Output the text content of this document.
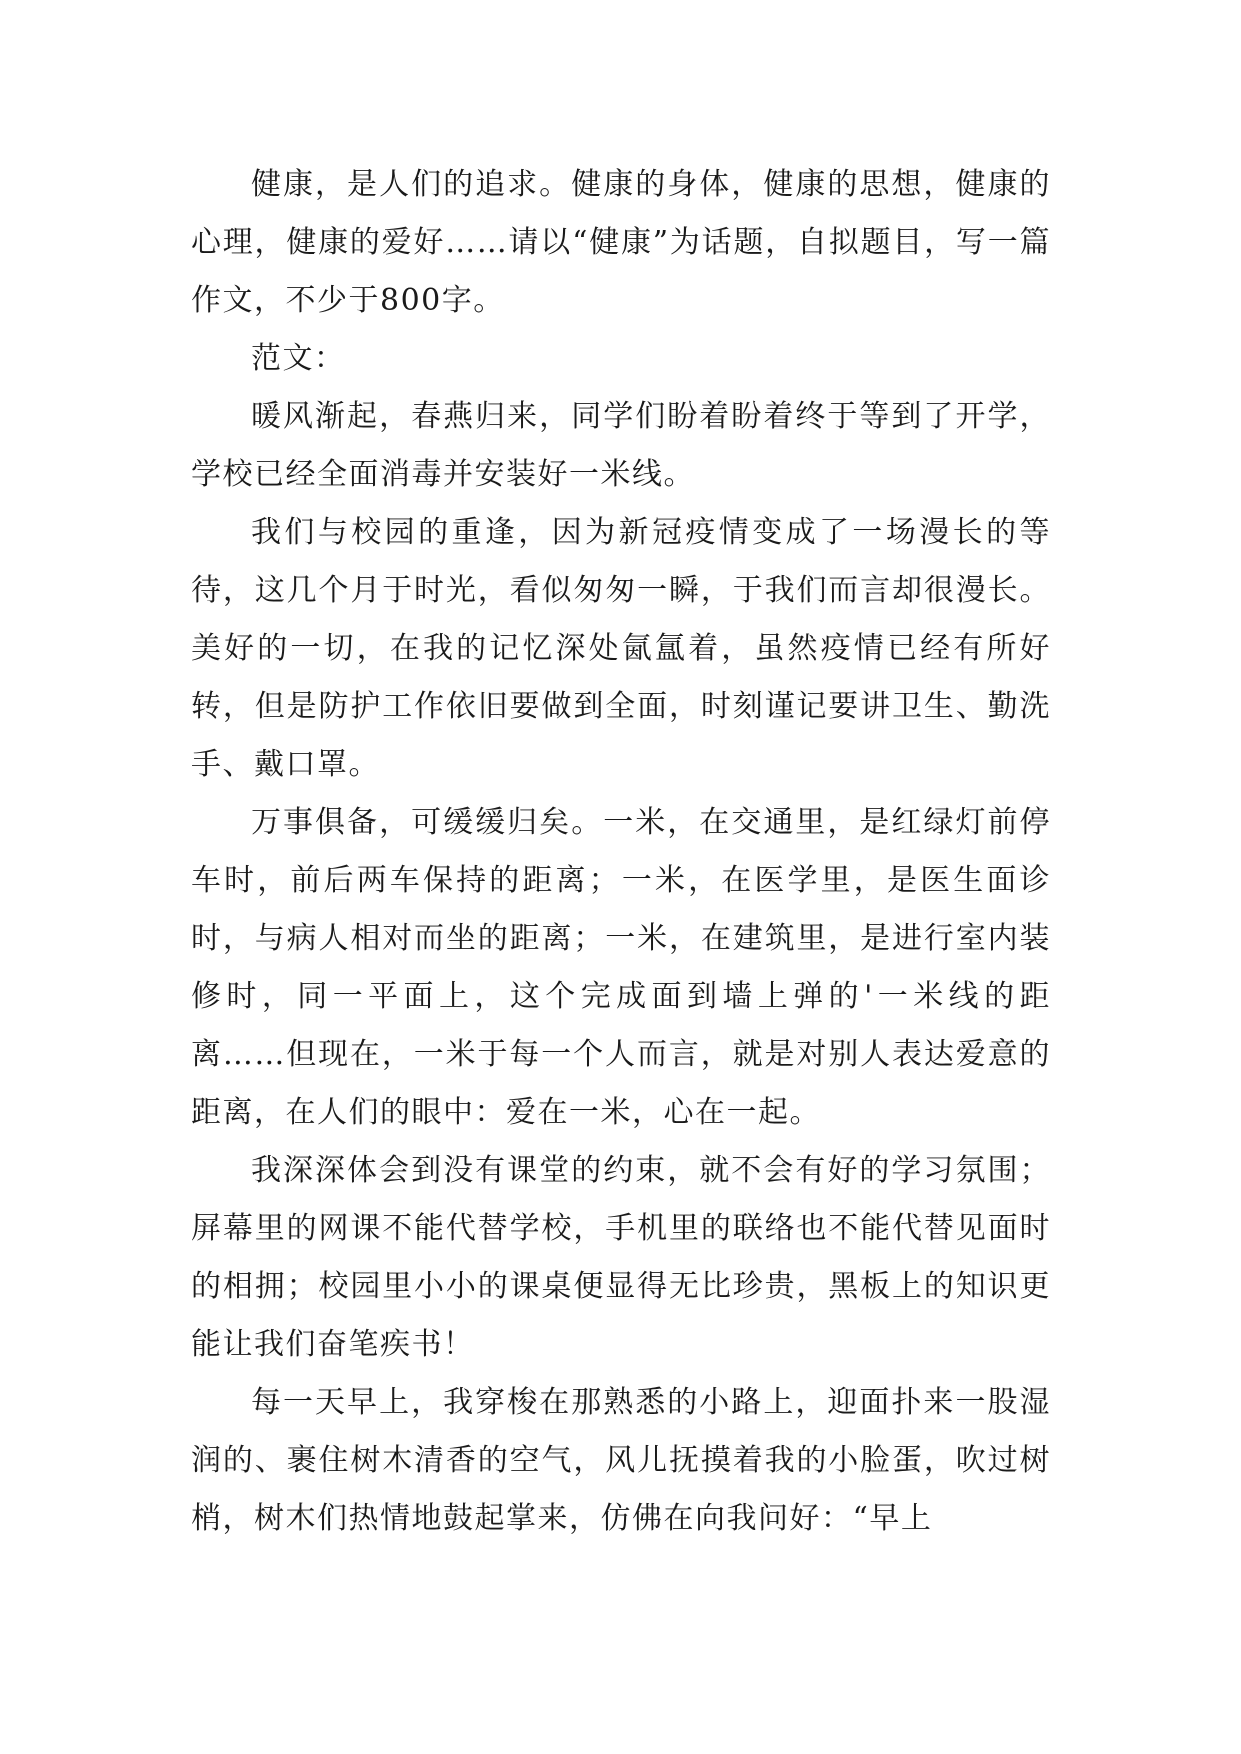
健康，是人们的追求。健康的身体，健康的思想，健康的心理，健康的爱好……请以“健康”为话题，自拟题目，写一篇作文，不少于800字。

范文：

暖风渐起，春燕归来，同学们盼着盼着终于等到了开学，学校已经全面消毒并安装好一米线。

我们与校园的重逢，因为新冠疫情变成了一场漫长的等待，这几个月于时光，看似匆匆一瞬，于我们而言却很漫长。美好的一切，在我的记忆深处氤氲着，虽然疫情已经有所好转，但是防护工作依旧要做到全面，时刻谨记要讲卫生、勤洗手、戴口罩。

万事俱备，可缓缓归矣。一米，在交通里，是红绿灯前停车时，前后两车保持的距离；一米，在医学里，是医生面诊时，与病人相对而坐的距离；一米，在建筑里，是进行室内装修时，同一平面上，这个完成面到墙上弹的'一米线的距离……但现在，一米于每一个人而言，就是对别人表达爱意的距离，在人们的眼中：爱在一米，心在一起。

我深深体会到没有课堂的约束，就不会有好的学习氛围；屏幕里的网课不能代替学校，手机里的联络也不能代替见面时的相拥；校园里小小的课桌便显得无比珍贵，黑板上的知识更能让我们奋笔疾书！

每一天早上，我穿梭在那熟悉的小路上，迎面扑来一股湿润的、裹住树木清香的空气，风儿抚摸着我的小脸蛋，吹过树梢，树木们热情地鼓起掌来，仿佛在向我问好：“早上
